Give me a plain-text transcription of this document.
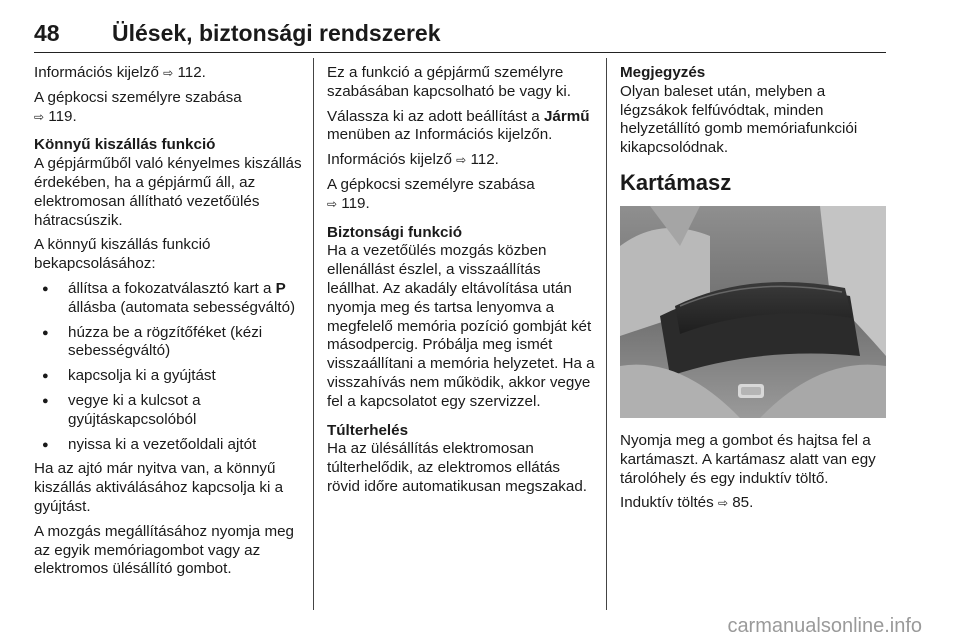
48 Ülések, biztonsági rendszerek

Információs kijelző ⇨ 112.

A gépkocsi személyre szabása
⇨ 119.

Könnyű kiszállás funkció

A gépjárműből való kényelmes kiszállás érdekében, ha a gépjármű áll, az elektromosan állítható vezetőülés hátracsúszik.

A könnyű kiszállás funkció bekapcsolásához:

● állítsa a fokozatválasztó kart a P állásba (automata sebességváltó)
● húzza be a rögzítőféket (kézi sebességváltó)
● kapcsolja ki a gyújtást
● vegye ki a kulcsot a gyújtáskapcsolóból
● nyissa ki a vezetőoldali ajtót

Ha az ajtó már nyitva van, a könnyű kiszállás aktiválásához kapcsolja ki a gyújtást.

A mozgás megállításához nyomja meg az egyik memóriagombot vagy az elektromos ülésállító gombot.

Ez a funkció a gépjármű személyre szabásában kapcsolható be vagy ki.

Válassza ki az adott beállítást a Jármű menüben az Információs kijelzőn.

Információs kijelző ⇨ 112.

A gépkocsi személyre szabása
⇨ 119.

Biztonsági funkció

Ha a vezetőülés mozgás közben ellenállást észlel, a visszaállítás leállhat. Az akadály eltávolítása után nyomja meg és tartsa lenyomva a megfelelő memória pozíció gombját két másodpercig. Próbálja meg ismét visszaállítani a memória helyzetet. Ha a visszahívás nem működik, akkor vegye fel a kapcsolatot egy szervizzel.

Túlterhelés

Ha az ülésállítás elektromosan túlterhelődik, az elektromos ellátás rövid időre automatikusan megszakad.

Megjegyzés

Olyan baleset után, melyben a légzsákok felfúvódtak, minden helyzetállító gomb memóriafunkciói kikapcsolódnak.

Kartámasz

Nyomja meg a gombot és hajtsa fel a kartámaszt. A kartámasz alatt van egy tárolóhely és egy induktív töltő.

Induktív töltés ⇨ 85.

carmanualsonline.info
